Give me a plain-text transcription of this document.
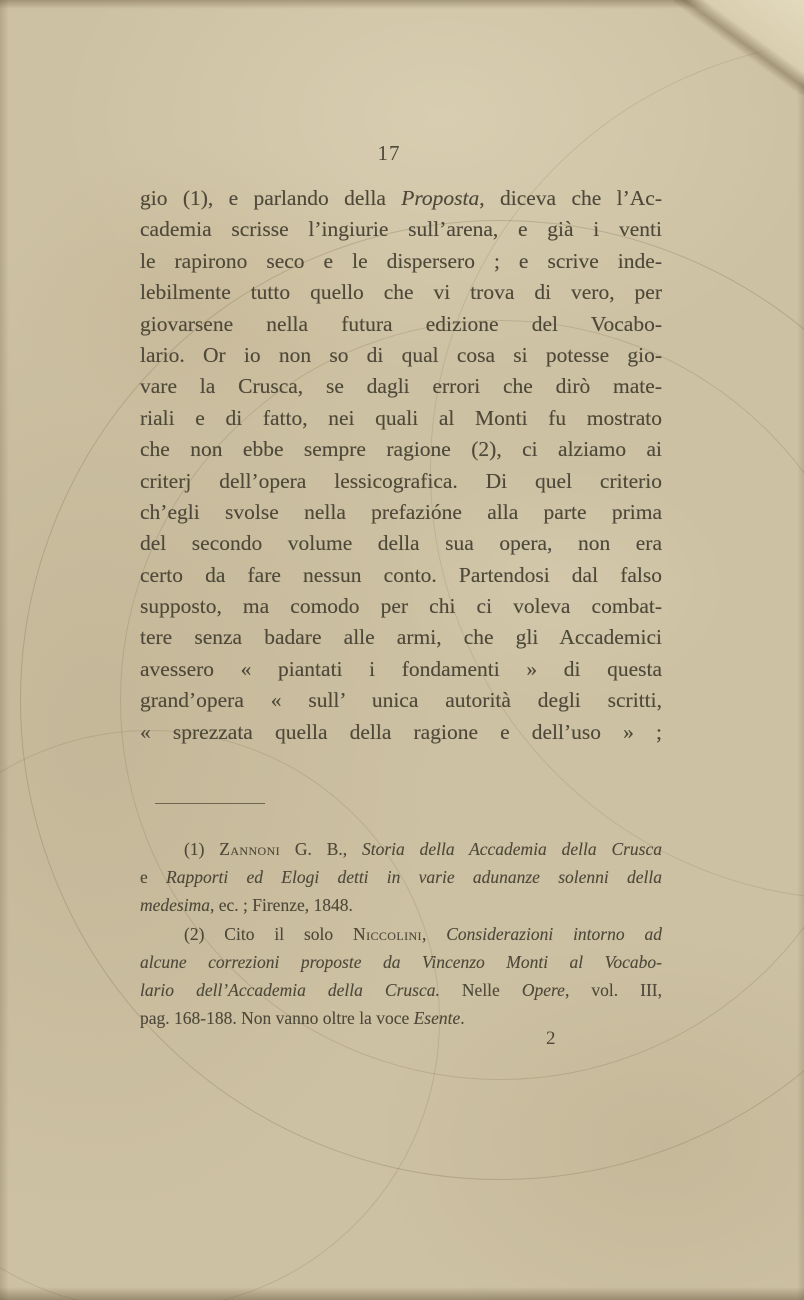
17
gio (1), e parlando della Proposta, diceva che l’Ac-
cademia scrisse l’ingiurie sull’arena, e già i venti
le rapirono seco e le dispersero ; e scrive inde-
lebilmente tutto quello che vi trova di vero, per
giovarsene nella futura edizione del Vocabo-
lario. Or io non so di qual cosa si potesse gio-
vare la Crusca, se dagli errori che dirò mate-
riali e di fatto, nei quali al Monti fu mostrato
che non ebbe sempre ragione (2), ci alziamo ai
criterj dell’opera lessicografica. Di quel criterio
ch’egli svolse nella prefazióne alla parte prima
del secondo volume della sua opera, non era
certo da fare nessun conto. Partendosi dal falso
supposto, ma comodo per chi ci voleva combat-
tere senza badare alle armi, che gli Accademici
avessero « piantati i fondamenti » di questa
grand’opera « sull’ unica autorità degli scritti,
« sprezzata quella della ragione e dell’uso » ;
(1) Zannoni G. B., Storia della Accademia della Crusca
e Rapporti ed Elogi detti in varie adunanze solenni della
medesima, ec. ; Firenze, 1848.
(2) Cito il solo Niccolini, Considerazioni intorno ad
alcune correzioni proposte da Vincenzo Monti al Vocabo-
lario dell’Accademia della Crusca. Nelle Opere, vol. III,
pag. 168-188. Non vanno oltre la voce Esente.
2
